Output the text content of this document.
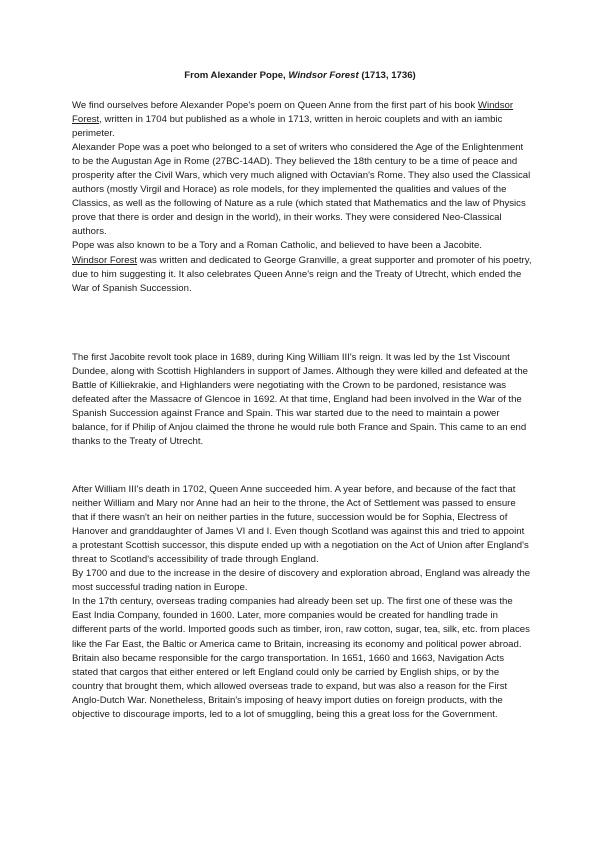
From Alexander Pope, Windsor Forest (1713, 1736)

We find ourselves before Alexander Pope's poem on Queen Anne from the first part of his book Windsor Forest, written in 1704 but published as a whole in 1713, written in heroic couplets and with an iambic perimeter.

Alexander Pope was a poet who belonged to a set of writers who considered the Age of the Enlightenment to be the Augustan Age in Rome (27BC-14AD). They believed the 18th century to be a time of peace and prosperity after the Civil Wars, which very much aligned with Octavian's Rome. They also used the Classical authors (mostly Virgil and Horace) as role models, for they implemented the qualities and values of the Classics, as well as the following of Nature as a rule (which stated that Mathematics and the law of Physics prove that there is order and design in the world), in their works. They were considered Neo-Classical authors.

Pope was also known to be a Tory and a Roman Catholic, and believed to have been a Jacobite.

Windsor Forest was written and dedicated to George Granville, a great supporter and promoter of his poetry, due to him suggesting it. It also celebrates Queen Anne's reign and the Treaty of Utrecht, which ended the War of Spanish Succession.

The first Jacobite revolt took place in 1689, during King William III's reign. It was led by the 1st Viscount Dundee, along with Scottish Highlanders in support of James. Although they were killed and defeated at the Battle of Killiekrakie, and Highlanders were negotiating with the Crown to be pardoned, resistance was defeated after the Massacre of Glencoe in 1692. At that time, England had been involved in the War of the Spanish Succession against France and Spain. This war started due to the need to maintain a power balance, for if Philip of Anjou claimed the throne he would rule both France and Spain. This came to an end thanks to the Treaty of Utrecht.

After William III's death in 1702, Queen Anne succeeded him. A year before, and because of the fact that neither William and Mary nor Anne had an heir to the throne, the Act of Settlement was passed to ensure that if there wasn't an heir on neither parties in the future, succession would be for Sophia, Electress of Hanover and granddaughter of James VI and I. Even though Scotland was against this and tried to appoint a protestant Scottish successor, this dispute ended up with a negotiation on the Act of Union after England's threat to Scotland's accessibility of trade through England.

By 1700 and due to the increase in the desire of discovery and exploration abroad, England was already the most successful trading nation in Europe.

In the 17th century, overseas trading companies had already been set up. The first one of these was the East India Company, founded in 1600. Later, more companies would be created for handling trade in different parts of the world. Imported goods such as timber, iron, raw cotton, sugar, tea, silk, etc. from places like the Far East, the Baltic or America came to Britain, increasing its economy and political power abroad.

Britain also became responsible for the cargo transportation. In 1651, 1660 and 1663, Navigation Acts stated that cargos that either entered or left England could only be carried by English ships, or by the country that brought them, which allowed overseas trade to expand, but was also a reason for the First Anglo-Dutch War. Nonetheless, Britain's imposing of heavy import duties on foreign products, with the objective to discourage imports, led to a lot of smuggling, being this a great loss for the Government.
